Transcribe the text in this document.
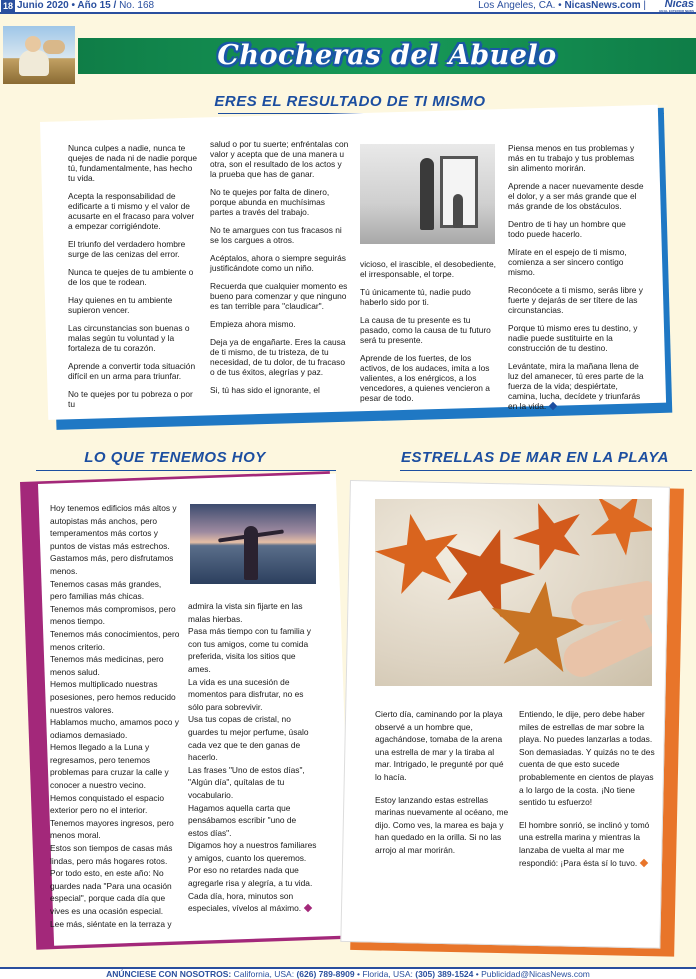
18 Junio 2020 • Año 15 / No. 168	Los Ángeles, CA. • NicasNews.com |	Nicas
EN EL EXTERIOR NEWS
Chocheras del Abuelo
ERES EL RESULTADO DE TI MISMO

Nunca culpes a nadie, nunca te quejes de nada ni de nadie porque tú, fundamentalmente, has hecho tu vida.

Acepta la responsabilidad de edificarte a ti mismo y el valor de acusarte en el fracaso para volver a empezar corrigiéndote.

El triunfo del verdadero hombre surge de las cenizas del error.

Nunca te quejes de tu ambiente o de los que te rodean.

Hay quienes en tu ambiente supieron vencer.

Las circunstancias son buenas o malas según tu voluntad y la fortaleza de tu corazón.

Aprende a convertir toda situación difícil en un arma para triunfar.

No te quejes por tu pobreza o por tu

salud o por tu suerte; enfréntalas con valor y acepta que de una manera u otra, son el resultado de los actos y la prueba que has de ganar.

No te quejes por falta de dinero, porque abunda en muchísimas partes a través del trabajo.

No te amargues con tus fracasos ni se los cargues a otros.

Acéptalos, ahora o siempre seguirás justificándote como un niño.

Recuerda que cualquier momento es bueno para comenzar y que ninguno es tan terrible para "claudicar".

Empieza ahora mismo.

Deja ya de engañarte. Eres la causa de ti mismo, de tu tristeza, de tu necesidad, de tu dolor, de tu fracaso o de tus éxitos, alegrías y paz.

Si, tú has sido el ignorante, el

vicioso, el irascible, el desobediente, el irresponsable, el torpe.

Tú únicamente tú, nadie pudo haberlo sido por ti.

La causa de tu presente es tu pasado, como la causa de tu futuro será tu presente.

Aprende de los fuertes, de los activos, de los audaces, imita a los valientes, a los enérgicos, a los vencedores, a quienes vencieron a pesar de todo.

Piensa menos en tus problemas y más en tu trabajo y tus problemas sin alimento morirán.

Aprende a nacer nuevamente desde el dolor, y a ser más grande que el más grande de los obstáculos.

Dentro de ti hay un hombre que todo puede hacerlo.

Mírate en el espejo de ti mismo, comienza a ser sincero contigo mismo.

Reconócete a ti mismo, serás libre y fuerte y dejarás de ser títere de las circunstancias.

Porque tú mismo eres tu destino, y nadie puede sustituirte en la construcción de tu destino.

Levántate, mira la mañana llena de luz del amanecer, tú eres parte de la fuerza de la vida; despiértate, camina, lucha, decídete y triunfarás en la vida.

LO QUE TENEMOS HOY
Hoy tenemos edificios más altos y autopistas más anchos, pero temperamentos más cortos y puntos de vistas más estrechos.
Gastamos más, pero disfrutamos menos.
Tenemos casas más grandes, pero familias más chicas.
Tenemos más compromisos, pero menos tiempo.
Tenemos más conocimientos, pero menos criterio.
Tenemos más medicinas, pero menos salud.
Hemos multiplicado nuestras posesiones, pero hemos reducido nuestros valores.
Hablamos mucho, amamos poco y odiamos demasiado.
Hemos llegado a la Luna y regresamos, pero tenemos problemas para cruzar la calle y conocer a nuestro vecino.
Hemos conquistado el espacio exterior pero no el interior.
Tenemos mayores ingresos, pero menos moral.
Estos son tiempos de casas más lindas, pero más hogares rotos.
Por todo esto, en este año: No guardes nada "Para una ocasión especial", porque cada día que vives es una ocasión especial.
Lee más, siéntate en la terraza y
admira la vista sin fijarte en las malas hierbas.
Pasa más tiempo con tu familia y con tus amigos, come tu comida preferida, visita los sitios que ames.
La vida es una sucesión de momentos para disfrutar, no es sólo para sobrevivir.
Usa tus copas de cristal, no guardes tu mejor perfume, úsalo cada vez que te den ganas de hacerlo.
Las frases "Uno de estos días", "Algún día", quítalas de tu vocabulario.
Hagamos aquella carta que pensábamos escribir "uno de estos días".
Digamos hoy a nuestros familiares y amigos, cuanto los queremos.
Por eso no retardes nada que agregarle risa y alegría, a tu vida.
Cada día, hora, minutos son especiales, vívelos al máximo.
ESTRELLAS DE MAR EN LA PLAYA

Cierto día, caminando por la playa observé a un hombre que, agachándose, tomaba de la arena una estrella de mar y la tiraba al mar. Intrigado, le pregunté por qué lo hacía.

Estoy lanzando estas estrellas marinas nuevamente al océano, me dijo. Como ves, la marea es baja y han quedado en la orilla. Si no las arrojo al mar morirán.

Entiendo, le dije, pero debe haber miles de estrellas de mar sobre la playa. No puedes lanzarlas a todas. Son demasiadas. Y quizás no te des cuenta de que esto sucede probablemente en cientos de playas a lo largo de la costa. ¡No tiene sentido tu esfuerzo!

El hombre sonrió, se inclinó y tomó una estrella marina y mientras la lanzaba de vuelta al mar me respondió: ¡Para ésta sí lo tuvo.

ANÚNCIESE CON NOSOTROS: California, USA: (626) 789-8909 • Florida, USA: (305) 389-1524 • Publicidad@NicasNews.com
